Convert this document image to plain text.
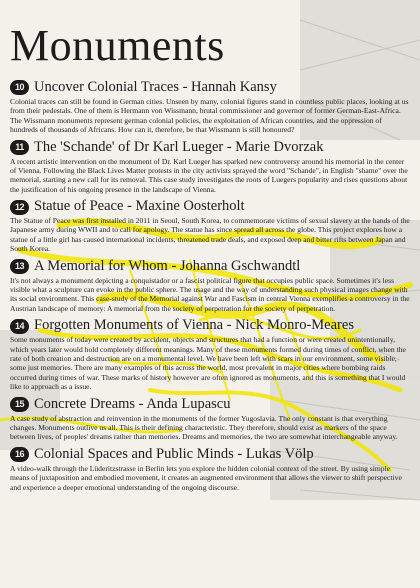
Monuments
10 Uncover Colonial Traces - Hannah Kansy

Colonial traces can still be found in German cities. Unseen by many, colonial figures stand in countless public places, looking at us from their pedestals. One of them is Hermann von Wissmann, brutal commissioner and governor of former German-East-Africa. The Wissmann monuments represent german colonial policies, the exploitation of African countries, and the oppression of hundreds of thousands of Africans. How can it, therefore, be that Wissmann is still honoured?

11 The 'Schande' of Dr Karl Lueger - Marie Dvorzak

A recent artistic intervention on the monument of Dr. Karl Lueger has sparked new controversy around his memorial in the center of Vienna. Following the Black Lives Matter protests in the city activists sprayed the word "Schande", in English "shame" over the memorial, starting a new call for its removal. This case study investigates the roots of Luegers popularity and rises questions about the justification of his ongoing presence in the landscape of Vienna.

12 Statue of Peace - Maxine Oosterholt

The Statue of Peace was first installed in 2011 in Seoul, South Korea, to commemorate victims of sexual slavery at the hands of the Japanese army during WWII and to call for apology. The statue has since spread all across the globe. This project explores how a statue of a little girl has caused international incidents, threatened trade deals, and exposed deep and bitter rifts between Japan and South Korea.

13 A Memorial for Whom - Johanna Gschwandtl

It's not always a monument depicting a conquistador or a fascist political figure that occupies public space. Sometimes it's less visible what a sculpture can evoke in the public sphere. The usage and the way of understanding such physical images change with its social environment. This case-study of the Memorial against War and Fascism in central Vienna exemplifies a controversy in the Austrian landscape of memory: A memorial from the society of perpetration for the society of perpetration.

14 Forgotten Monuments of Vienna - Nick Monro-Meares

Some monuments of today were created by accident, objects and structures that had a function or were created unintentionally, which years later would hold completely different meanings. Many of these monuments formed during times of conflict, when the rate of both creation and destruction are on a monumental level. We have been left with scars in our environment, some visible, some just memories. There are many examples of this across the world, most prevalent in major cities where bombing raids occurred during times of war. These marks of history however are often ignored as monuments, and this is something that I would like to approach as a issue.

15 Concrete Dreams - Anda Lupascu

A case study of abstraction and reinvention in the monuments of the former Yugoslavia. The only constant is that everything changes. Monuments outlive us all. This is their defining characteristic. They therefore, should exist as markers of the space between lives, of peoples' dreams rather than memories. Dreams and memories, the two are somewhat interchangeable anyway.

16 Colonial Spaces and Public Minds - Lukas Völp

A video-walk through the Lüderitzstrasse in Berlin lets you explore the hidden colonial context of the street. By using simple means of juxtaposition and embodied movement, it creates an augmented environment that allows the viewer to shift perspective and experience a deeper emotional understanding of the ongoing discourse.
